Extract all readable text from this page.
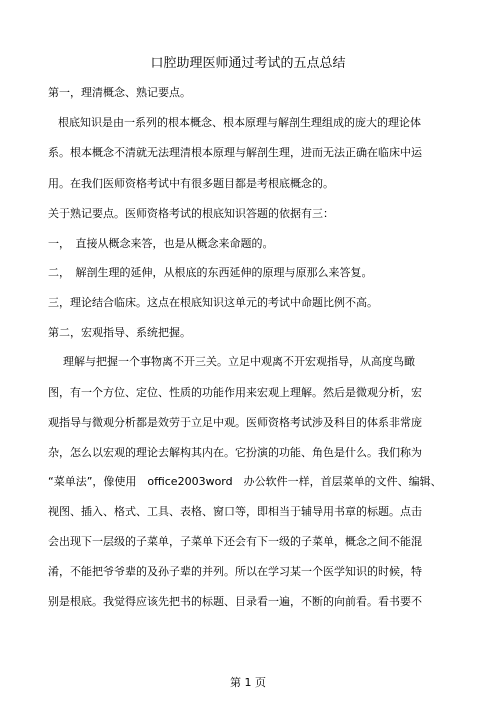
口腔助理医师通过考试的五点总结
第一，理清概念、熟记要点。
根底知识是由一系列的根本概念、根本原理与解剖生理组成的庞大的理论体
系。根本概念不清就无法理清根本原理与解剖生理，进而无法正确在临床中运
用。在我们医师资格考试中有很多题目都是考根底概念的。
关于熟记要点。医师资格考试的根底知识答题的依据有三：
一，　直接从概念来答，也是从概念来命题的。
二，　解剖生理的延伸，从根底的东西延伸的原理与原那么来答复。
三，理论结合临床。这点在根底知识这单元的考试中命题比例不高。
第二，宏观指导、系统把握。
理解与把握一个事物离不开三关。立足中观离不开宏观指导，从高度鸟瞰
图，有一个方位、定位、性质的功能作用来宏观上理解。然后是微观分析，宏
观指导与微观分析都是效劳于立足中观。医师资格考试涉及科目的体系非常庞
杂，怎么以宏观的理论去解构其内在。它扮演的功能、角色是什么。我们称为
“菜单法”，像使用　office2003word　办公软件一样，首层菜单的文件、编辑、
视图、插入、格式、工具、表格、窗口等，即相当于辅导用书章的标题。点击
会出现下一层级的子菜单，子菜单下还会有下一级的子菜单，概念之间不能混
淆，不能把爷爷辈的及孙子辈的并列。所以在学习某一个医学知识的时候，特
别是根底。我觉得应该先把书的标题、目录看一遍，不断的向前看。看书要不
第 1 页
